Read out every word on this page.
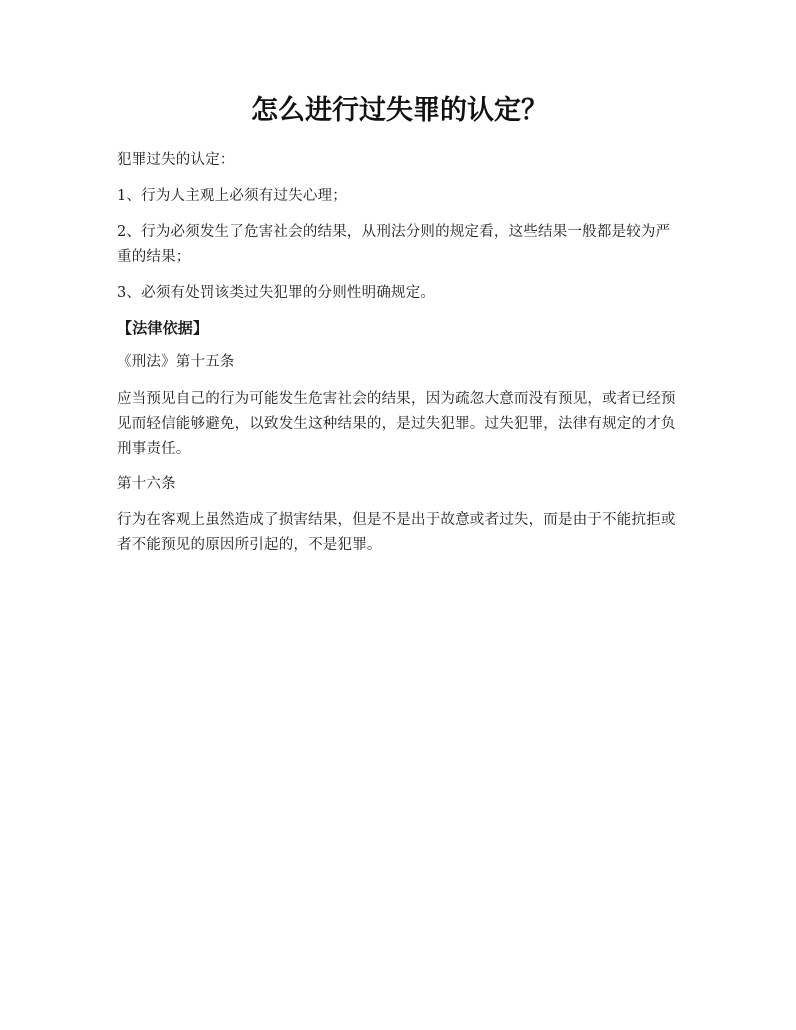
怎么进行过失罪的认定？

犯罪过失的认定：

1、行为人主观上必须有过失心理；

2、行为必须发生了危害社会的结果，从刑法分则的规定看，这些结果一般都是较为严重的结果；

3、必须有处罚该类过失犯罪的分则性明确规定。

【法律依据】

《刑法》第十五条

应当预见自己的行为可能发生危害社会的结果，因为疏忽大意而没有预见，或者已经预见而轻信能够避免，以致发生这种结果的，是过失犯罪。过失犯罪，法律有规定的才负刑事责任。

第十六条

行为在客观上虽然造成了损害结果，但是不是出于故意或者过失，而是由于不能抗拒或者不能预见的原因所引起的，不是犯罪。
